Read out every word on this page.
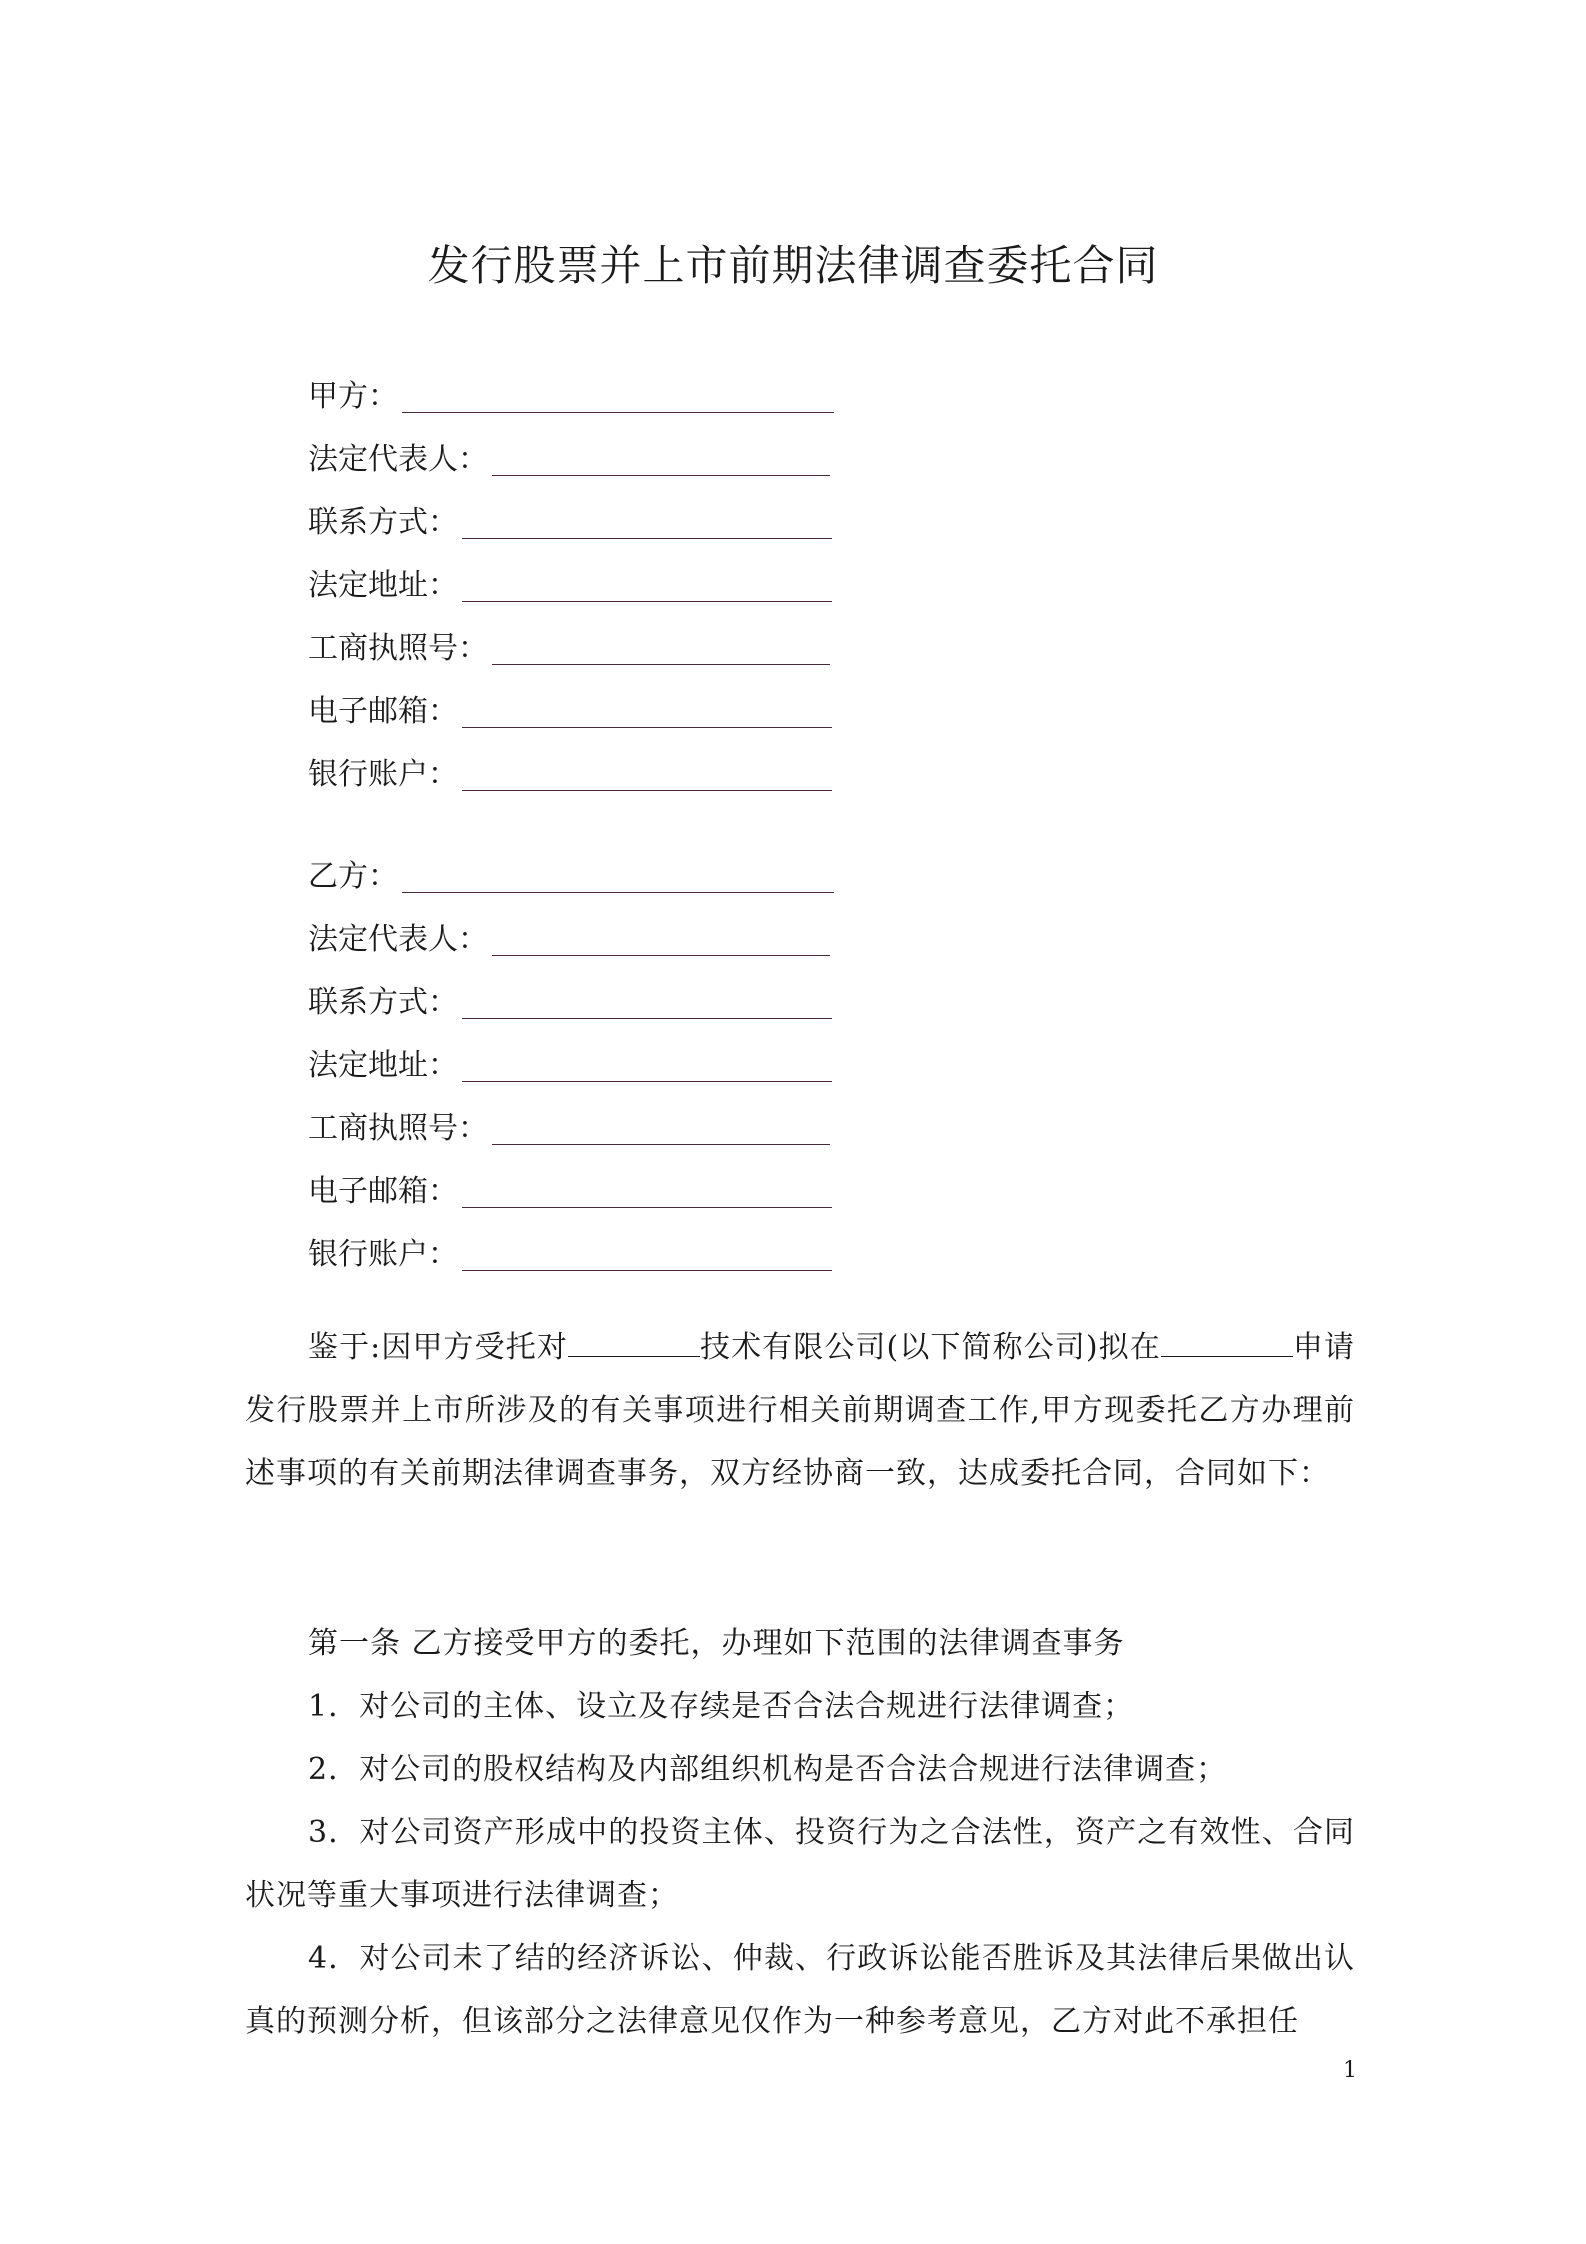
发行股票并上市前期法律调查委托合同
甲方：
法定代表人：
联系方式：
法定地址：
工商执照号：
电子邮箱：
银行账户：
乙方：
法定代表人：
联系方式：
法定地址：
工商执照号：
电子邮箱：
银行账户：

鉴于:因甲方受托对	技术有限公司(以下简称公司)拟在	申请发行股票并上市所涉及的有关事项进行相关前期调查工作,甲方现委托乙方办理前述事项的有关前期法律调查事务，双方经协商一致，达成委托合同，合同如下：

第一条 乙方接受甲方的委托，办理如下范围的法律调查事务

1．对公司的主体、设立及存续是否合法合规进行法律调查；

2．对公司的股权结构及内部组织机构是否合法合规进行法律调查；

3．对公司资产形成中的投资主体、投资行为之合法性，资产之有效性、合同状况等重大事项进行法律调查；

4．对公司未了结的经济诉讼、仲裁、行政诉讼能否胜诉及其法律后果做出认真的预测分析，但该部分之法律意见仅作为一种参考意见，乙方对此不承担任

1
